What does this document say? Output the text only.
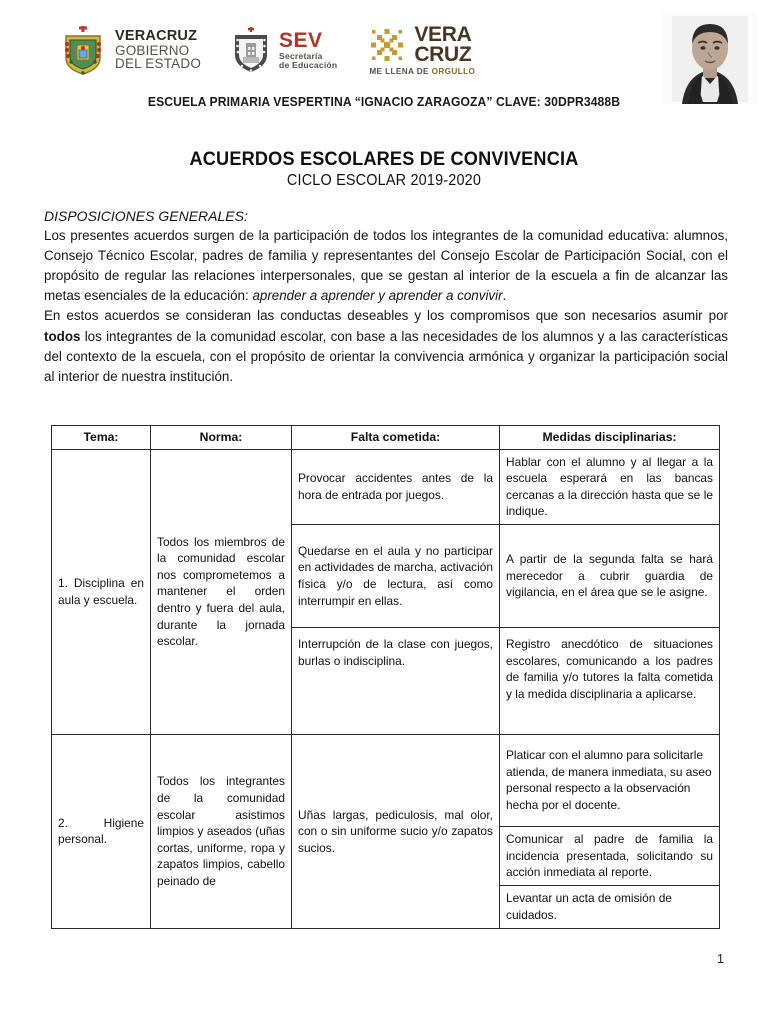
VERACRUZ
GOBIERNO
DEL ESTADO
SEV
Secretaría
de Educación
VERA
CRUZ
ME LLENA DE ORGULLO
ESCUELA PRIMARIA VESPERTINA “IGNACIO ZARAGOZA” CLAVE: 30DPR3488B
ACUERDOS ESCOLARES DE CONVIVENCIA
CICLO ESCOLAR 2019-2020
DISPOSICIONES GENERALES:

Los presentes acuerdos surgen de la participación de todos los integrantes de la comunidad educativa: alumnos, Consejo Técnico Escolar, padres de familia y representantes del Consejo Escolar de Participación Social, con el propósito de regular las relaciones interpersonales, que se gestan al interior de la escuela a fin de alcanzar las metas esenciales de la educación: aprender a aprender y aprender a convivir.

En estos acuerdos se consideran las conductas deseables y los compromisos que son necesarios asumir por todos los integrantes de la comunidad escolar, con base a las necesidades de los alumnos y a las características del contexto de la escuela, con el propósito de orientar la convivencia armónica y organizar la participación social al interior de nuestra institución.

Tema:	Norma:	Falta cometida:	Medidas disciplinarias:
1. Disciplina en aula y escuela.	Todos los miembros de la comunidad escolar nos comprometemos a mantener el orden dentro y fuera del aula, durante la jornada escolar.	Provocar accidentes antes de la hora de entrada por juegos.	Hablar con el alumno y al llegar a la escuela esperará en las bancas cercanas a la dirección hasta que se le indique.
		Quedarse en el aula y no participar en actividades de marcha, activación física y/o de lectura, así como interrumpir en ellas.	A partir de la segunda falta se hará merecedor a cubrir guardia de vigilancia, en el área que se le asigne.
		Interrupción de la clase con juegos, burlas o indisciplina.	Registro anecdótico de situaciones escolares, comunicando a los padres de familia y/o tutores la falta cometida y la medida disciplinaria a aplicarse.
2. Higiene personal.	Todos los integrantes de la comunidad escolar asistimos limpios y aseados (uñas cortas, uniforme, ropa y zapatos limpios, cabello peinado de	Uñas largas, pediculosis, mal olor, con o sin uniforme sucio y/o zapatos sucios.	Platicar con el alumno para solicitarle atienda, de manera inmediata, su aseo personal respecto a la observación hecha por el docente.
			Comunicar al padre de familia la incidencia presentada, solicitando su acción inmediata al reporte.
			Levantar un acta de omisión de cuidados.
1
